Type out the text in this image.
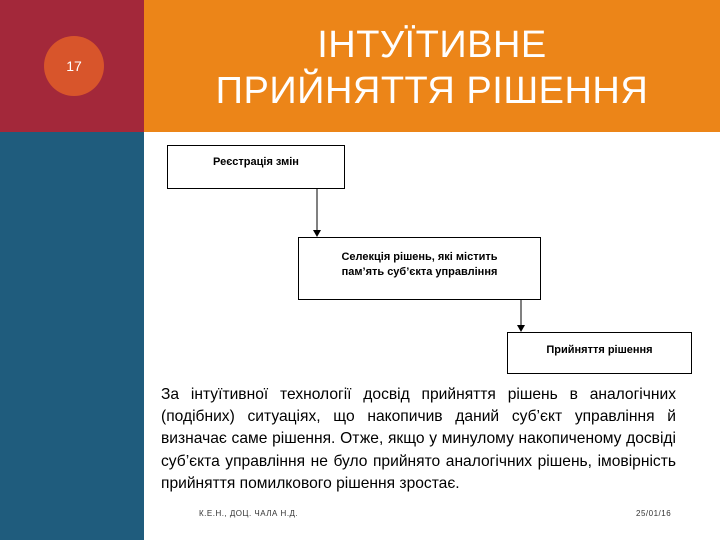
17	ІНТУЇТИВНЕ
ПРИЙНЯТТЯ РІШЕННЯ
Реєстрація змін
Селекція рішень, які містить
пам’ять суб’єкта управління
Прийняття рішення

За інтуїтивної технології досвід прийняття рішень в аналогічних (подібних) ситуаціях, що накопичив даний суб’єкт управління й визначає саме рішення. Отже, якщо у минулому накопиченому досвіді суб’єкта управління не було прийнято аналогічних рішень, імовірність прийняття помилкового рішення зростає.

К.Е.Н., ДОЦ. ЧАЛА Н.Д.	25/01/16
